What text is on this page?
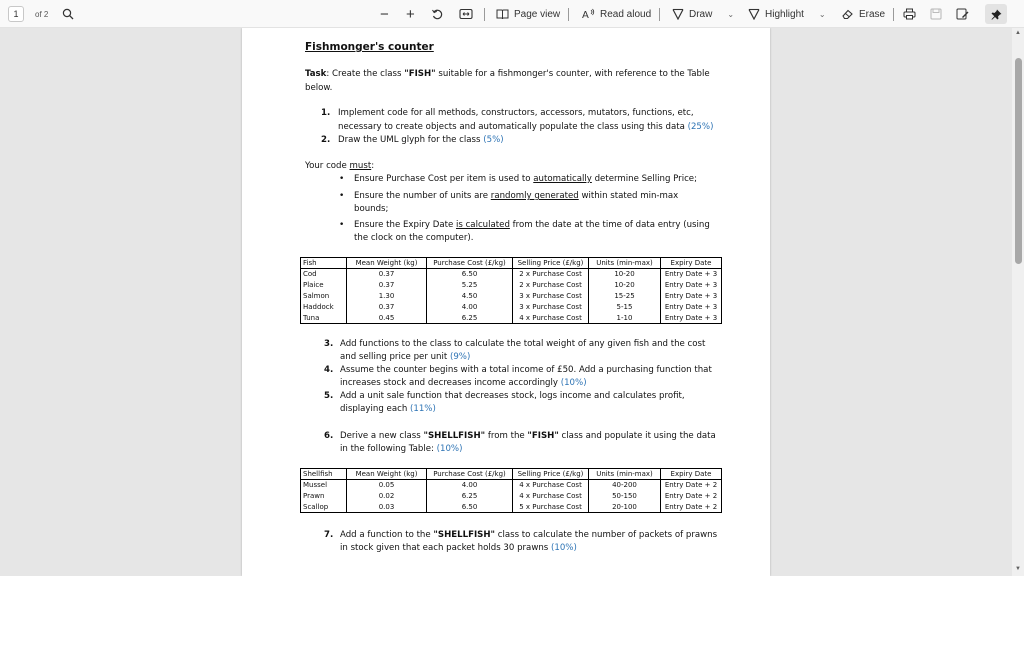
1 of 2	− +	Page view A Read aloud	Draw ⌄	Highlight ⌄	Erase
Fishmonger's counter
Task: Create the class "FISH" suitable for a fishmonger's counter, with reference to the Table
below.
1. Implement code for all methods, constructors, accessors, mutators, functions, etc,
necessary to create objects and automatically populate the class using this data (25%)
2. Draw the UML glyph for the class (5%)
Your code must:
• Ensure Purchase Cost per item is used to automatically determine Selling Price;
• Ensure the number of units are randomly generated within stated min-max
bounds;
• Ensure the Expiry Date is calculated from the date at the time of data entry (using
the clock on the computer).
Fish	Mean Weight (kg)	Purchase Cost (£/kg)	Selling Price (£/kg)	Units (min-max)	Expiry Date
Cod	0.37	6.50	2 x Purchase Cost	10-20	Entry Date + 3
Plaice	0.37	5.25	2 x Purchase Cost	10-20	Entry Date + 3
Salmon	1.30	4.50	3 x Purchase Cost	15-25	Entry Date + 3
Haddock	0.37	4.00	3 x Purchase Cost	5-15	Entry Date + 3
Tuna	0.45	6.25	4 x Purchase Cost	1-10	Entry Date + 3
3. Add functions to the class to calculate the total weight of any given fish and the cost
and selling price per unit (9%)
4. Assume the counter begins with a total income of £50. Add a purchasing function that
increases stock and decreases income accordingly (10%)
5. Add a unit sale function that decreases stock, logs income and calculates profit,
displaying each (11%)
6. Derive a new class "SHELLFISH" from the "FISH" class and populate it using the data
in the following Table: (10%)
Shellfish	Mean Weight (kg)	Purchase Cost (£/kg)	Selling Price (£/kg)	Units (min-max)	Expiry Date
Mussel	0.05	4.00	4 x Purchase Cost	40-200	Entry Date + 2
Prawn	0.02	6.25	4 x Purchase Cost	50-150	Entry Date + 2
Scallop	0.03	6.50	5 x Purchase Cost	20-100	Entry Date + 2
7. Add a function to the "SHELLFISH" class to calculate the number of packets of prawns
in stock given that each packet holds 30 prawns (10%)
▲
▼
